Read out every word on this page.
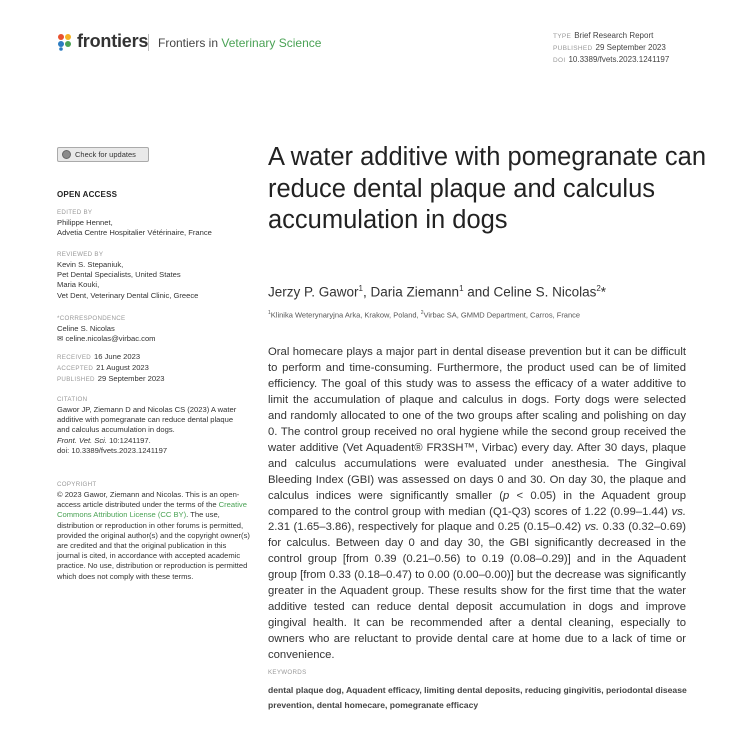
frontiers Frontiers in Veterinary Science	TYPE Brief Research Report
PUBLISHED 29 September 2023
DOI 10.3389/fvets.2023.1241197
Check for updates
OPEN ACCESS
EDITED BY
Philippe Hennet,
Advetia Centre Hospitalier Vétérinaire, France
REVIEWED BY
Kevin S. Stepaniuk,
Pet Dental Specialists, United States
Maria Kouki,
Vet Dent, Veterinary Dental Clinic, Greece
*CORRESPONDENCE
Celine S. Nicolas
✉ celine.nicolas@virbac.com
RECEIVED 16 June 2023
ACCEPTED 21 August 2023
PUBLISHED 29 September 2023
CITATION
Gawor JP, Ziemann D and Nicolas CS (2023) A water additive with pomegranate can reduce dental plaque and calculus accumulation in dogs.
Front. Vet. Sci. 10:1241197.
doi: 10.3389/fvets.2023.1241197
COPYRIGHT
© 2023 Gawor, Ziemann and Nicolas. This is an open-access article distributed under the terms of the Creative Commons Attribution License (CC BY). The use, distribution or reproduction in other forums is permitted, provided the original author(s) and the copyright owner(s) are credited and that the original publication in this journal is cited, in accordance with accepted academic practice. No use, distribution or reproduction is permitted which does not comply with these terms.
A water additive with pomegranate can reduce dental plaque and calculus accumulation in dogs
Jerzy P. Gawor$^1$, Daria Ziemann$^1$ and Celine S. Nicolas$^2$*
$^1$Klinika Weterynaryjna Arka, Krakow, Poland, $^2$Virbac SA, GMMD Department, Carros, France

Oral homecare plays a major part in dental disease prevention but it can be difficult to perform and time-consuming. Furthermore, the product used can be of limited efficiency. The goal of this study was to assess the efficacy of a water additive to limit the accumulation of plaque and calculus in dogs. Forty dogs were selected and randomly allocated to one of the two groups after scaling and polishing on day 0. The control group received no oral hygiene while the second group received the water additive (Vet Aquadent® FR3SH™, Virbac) every day. After 30 days, plaque and calculus accumulations were evaluated under anesthesia. The Gingival Bleeding Index (GBI) was assessed on days 0 and 30. On day 30, the plaque and calculus indices were significantly smaller (p < 0.05) in the Aquadent group compared to the control group with median (Q1-Q3) scores of 1.22 (0.99–1.44) vs. 2.31 (1.65–3.86), respectively for plaque and 0.25 (0.15–0.42) vs. 0.33 (0.32–0.69) for calculus. Between day 0 and day 30, the GBI significantly decreased in the control group [from 0.39 (0.21–0.56) to 0.19 (0.08–0.29)] and in the Aquadent group [from 0.33 (0.18–0.47) to 0.00 (0.00–0.00)] but the decrease was significantly greater in the Aquadent group. These results show for the first time that the water additive tested can reduce dental deposit accumulation in dogs and improve gingival health. It can be recommended after a dental cleaning, especially to owners who are reluctant to provide dental care at home due to a lack of time or convenience.

KEYWORDS
dental plaque dog, Aquadent efficacy, limiting dental deposits, reducing gingivitis, periodontal disease prevention, dental homecare, pomegranate efficacy
